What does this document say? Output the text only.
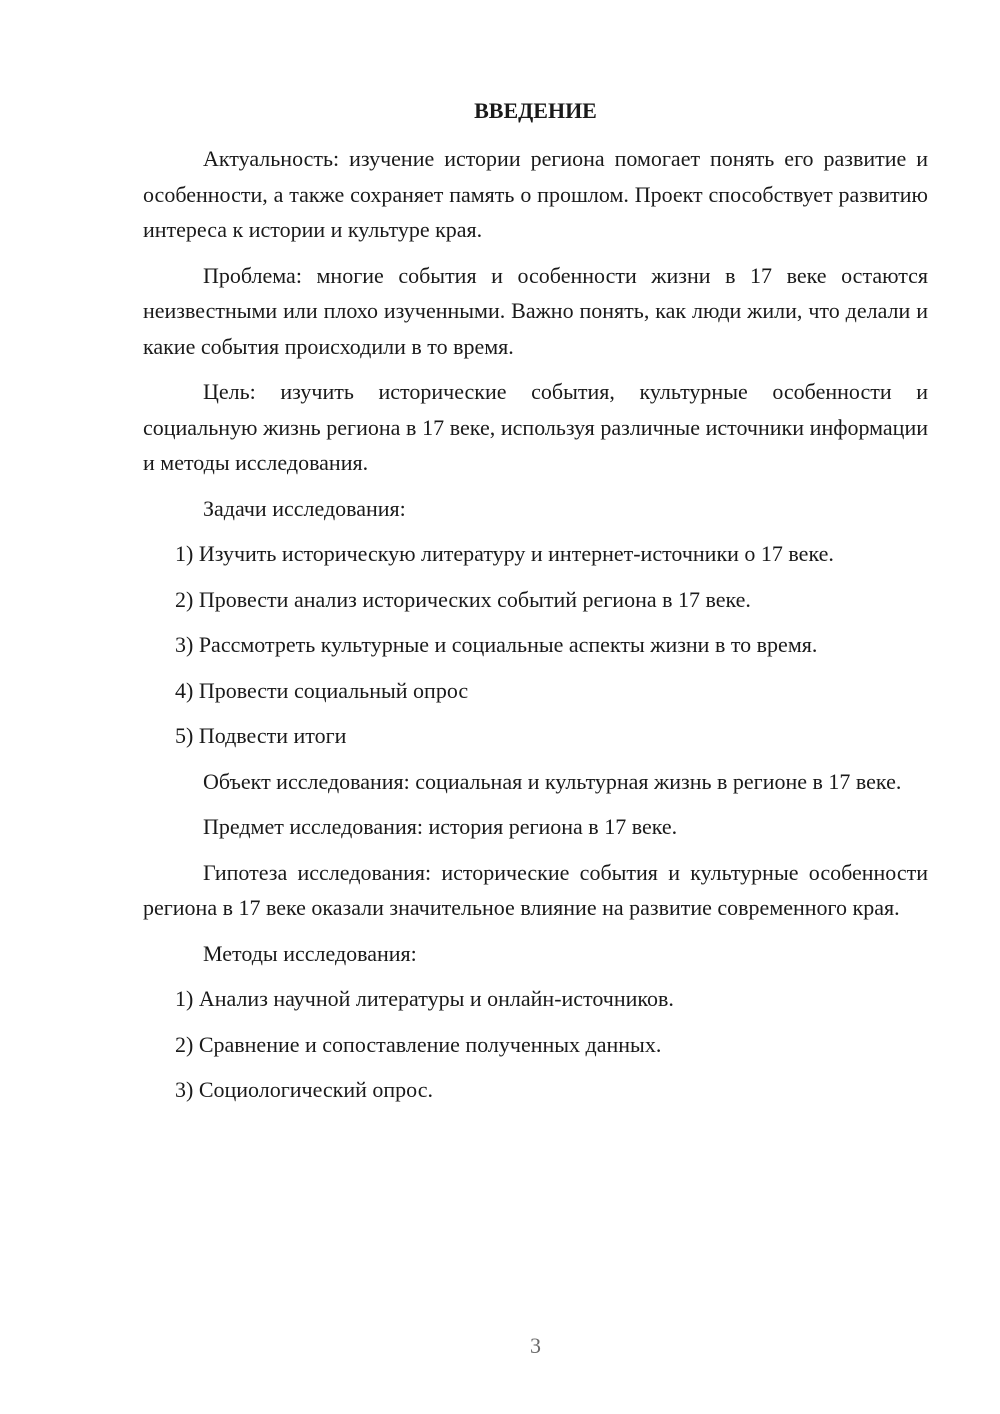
ВВЕДЕНИЕ

Актуальность: изучение истории региона помогает понять его развитие и особенности, а также сохраняет память о прошлом. Проект способствует развитию интереса к истории и культуре края.

Проблема: многие события и особенности жизни в 17 веке остаются неизвестными или плохо изученными. Важно понять, как люди жили, что делали и какие события происходили в то время.

Цель: изучить исторические события, культурные особенности и социальную жизнь региона в 17 веке, используя различные источники информации и методы исследования.

Задачи исследования:

1) Изучить историческую литературу и интернет-источники о 17 веке.

2) Провести анализ исторических событий региона в 17 веке.

3) Рассмотреть культурные и социальные аспекты жизни в то время.

4) Провести социальный опрос

5) Подвести итоги

Объект исследования: социальная и культурная жизнь в регионе в 17 веке.

Предмет исследования: история региона в 17 веке.

Гипотеза исследования: исторические события и культурные особенности региона в 17 веке оказали значительное влияние на развитие современного края.

Методы исследования:

1) Анализ научной литературы и онлайн-источников.

2) Сравнение и сопоставление полученных данных.

3) Социологический опрос.

3
